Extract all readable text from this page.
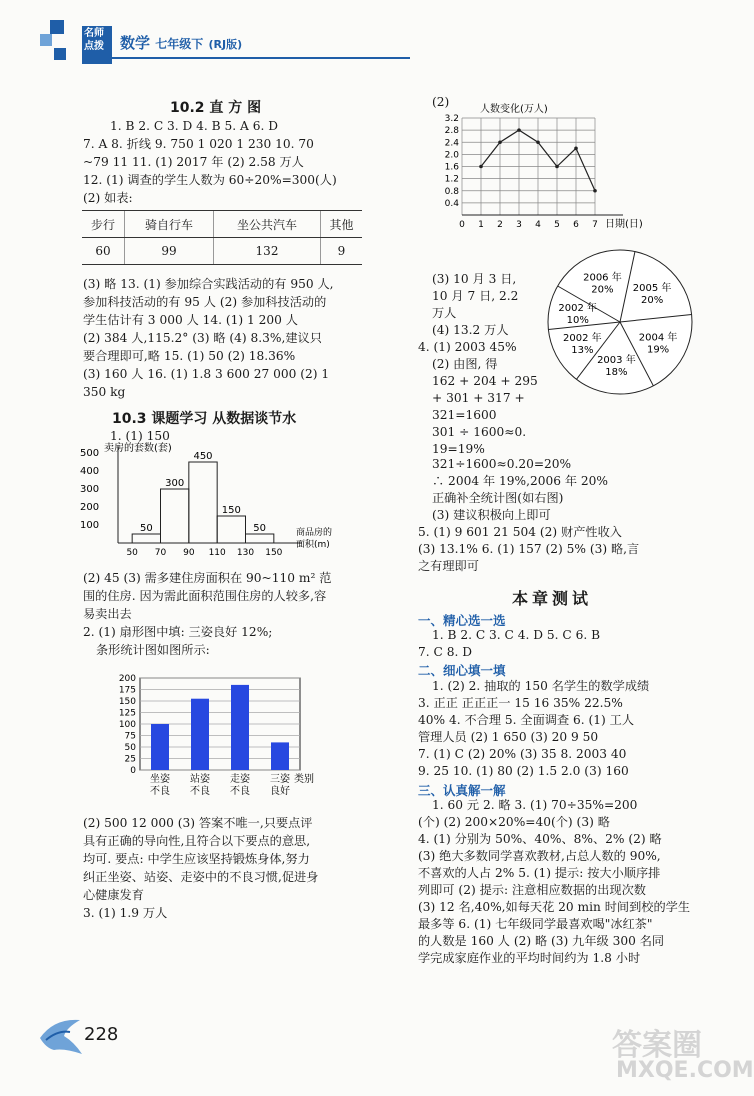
名师
点拨 数学 七年级下 (RJ版)
10.2 直 方 图
1. B 2. C 3. D 4. B 5. A 6. D
7. A 8. 折线 9. 750 1 020 1 230 10. 70
~79 11 11. (1) 2017 年 (2) 2.58 万人
12. (1) 调查的学生人数为 60÷20%=300(人)
(2) 如表:
步行	骑自行车	坐公共汽车	其他
60	99	132	9
(3) 略 13. (1) 参加综合实践活动的有 950 人,
参加科技活动的有 95 人 (2) 参加科技活动的
学生估计有 3 000 人 14. (1) 1 200 人
(2) 384 人,115.2° (3) 略 (4) 8.3%,建议只
要合理即可,略 15. (1) 50 (2) 18.36%
(3) 160 人 16. (1) 1.8 3 600 27 000 (2) 1
350 kg
10.3 课题学习 从数据谈节水
1. (1) 150
卖房的套数(套)
500
400
300
200
100	50
300
450
150
50
50 70 90 110 130 150
商品房的
面积(m)
(2) 45 (3) 需多建住房面积在 90~110 m² 范
围的住房. 因为需此面积范围住房的人较多,容
易卖出去
2. (1) 扇形图中填: 三姿良好 12%;
条形统计图如图所示:
0
25
50
75
100
125
150
175
200
坐姿
不良
站姿
不良
走姿
不良
三姿
良好
类别
(2) 500 12 000 (3) 答案不唯一,只要点评
具有正确的导向性,且符合以下要点的意思,
均可. 要点: 中学生应该坚持锻炼身体,努力
纠正坐姿、站姿、走姿中的不良习惯,促进身
心健康发育
3. (1) 1.9 万人
(2)
人数变化(万人)
3.2
2.8
2.4
2.0
1.6
1.2
0.8
0.4
0 1 2 3 4 5 6 7 日期(日)
(3) 10 月 3 日,
10 月 7 日, 2.2
万人
(4) 13.2 万人
4. (1) 2003 45%
(2) 由图, 得
162 + 204 + 295
+ 301 + 317 +
321=1600
301 ÷ 1600≈0.
19=19%
2006 年
20% 2005 年
20%
2004 年
19%
2003 年
18%
2002 年
13%
2002 年
10%
321÷1600≈0.20=20%
∴ 2004 年 19%,2006 年 20%
正确补全统计图(如右图)
(3) 建议积极向上即可
5. (1) 9 601 21 504 (2) 财产性收入
(3) 13.1% 6. (1) 157 (2) 5% (3) 略,言
之有理即可
本章测试
一、精心选一选
1. B 2. C 3. C 4. D 5. C 6. B
7. C 8. D
二、细心填一填
1. (2) 2. 抽取的 150 名学生的数学成绩
3. 正正 正正正一 15 16 35% 22.5%
40% 4. 不合理 5. 全面调查 6. (1) 工人
管理人员 (2) 1 650 (3) 20 9 50
7. (1) C (2) 20% (3) 35 8. 2003 40
9. 25 10. (1) 80 (2) 1.5 2.0 (3) 160
三、认真解一解
1. 60 元 2. 略 3. (1) 70÷35%=200
(个) (2) 200×20%=40(个) (3) 略
4. (1) 分别为 50%、40%、8%、2% (2) 略
(3) 绝大多数同学喜欢教材,占总人数的 90%,
不喜欢的人占 2% 5. (1) 提示: 按大小顺序排
列即可 (2) 提示: 注意相应数据的出现次数
(3) 12 名,40%,如每天花 20 min 时间到校的学生
最多等 6. (1) 七年级同学最喜欢喝"冰红茶"
的人数是 160 人 (2) 略 (3) 九年级 300 名同
学完成家庭作业的平均时间约为 1.8 小时
228	答案圈
MXQE.COM
